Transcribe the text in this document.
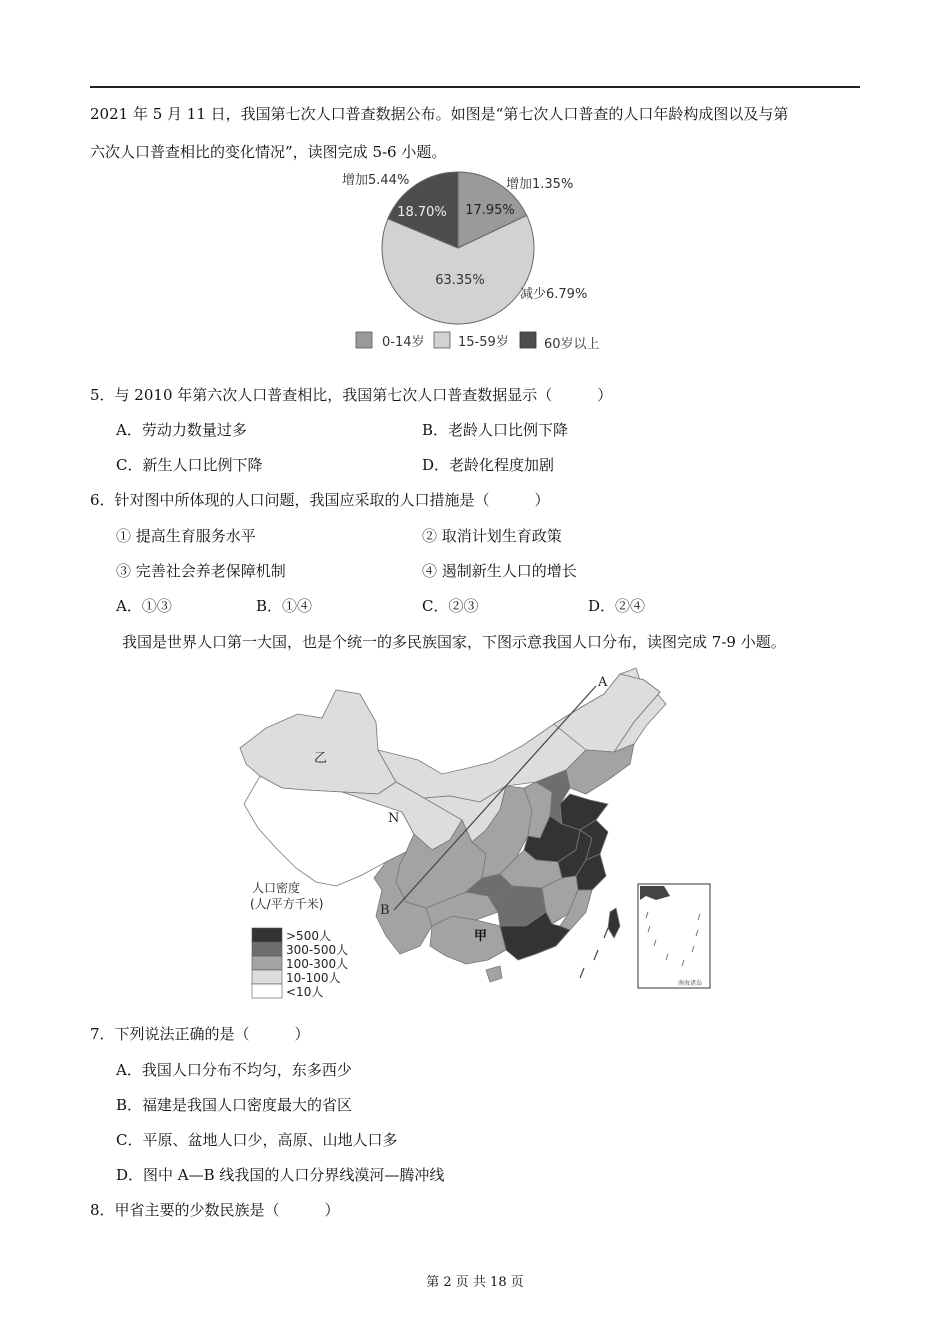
2021 年 5 月 11 日，我国第七次人口普查数据公布。如图是“第七次人口普查的人口年龄构成图以及与第
六次人口普查相比的变化情况”，读图完成 5-6 小题。
17.95%
63.35%
18.70%
增加5.44%	增加1.35%
减少6.79%
0-14岁	15-59岁	60岁以上
5．与 2010 年第六次人口普查相比，我国第七次人口普查数据显示（　　　）
A．劳动力数量过多	B．老龄人口比例下降
C．新生人口比例下降	D．老龄化程度加剧
6．针对图中所体现的人口问题，我国应采取的人口措施是（　　　）
① 提高生育服务水平	② 取消计划生育政策
③ 完善社会养老保障机制	④ 遏制新生人口的增长
A．①③	B．①④	C．②③	D．②④
我国是世界人口第一大国，也是个统一的多民族国家，下图示意我国人口分布，读图完成 7-9 小题。
A
B
N
乙
甲
人口密度
(人/平方千米)
>500人
300-500人
100-300人
10-100人
<10人
南海诸岛
7．下列说法正确的是（　　　）
A．我国人口分布不均匀，东多西少
B．福建是我国人口密度最大的省区
C．平原、盆地人口少，高原、山地人口多
D．图中 A—B 线我国的人口分界线漠河—腾冲线
8．甲省主要的少数民族是（　　　）
第 2 页 共 18 页
